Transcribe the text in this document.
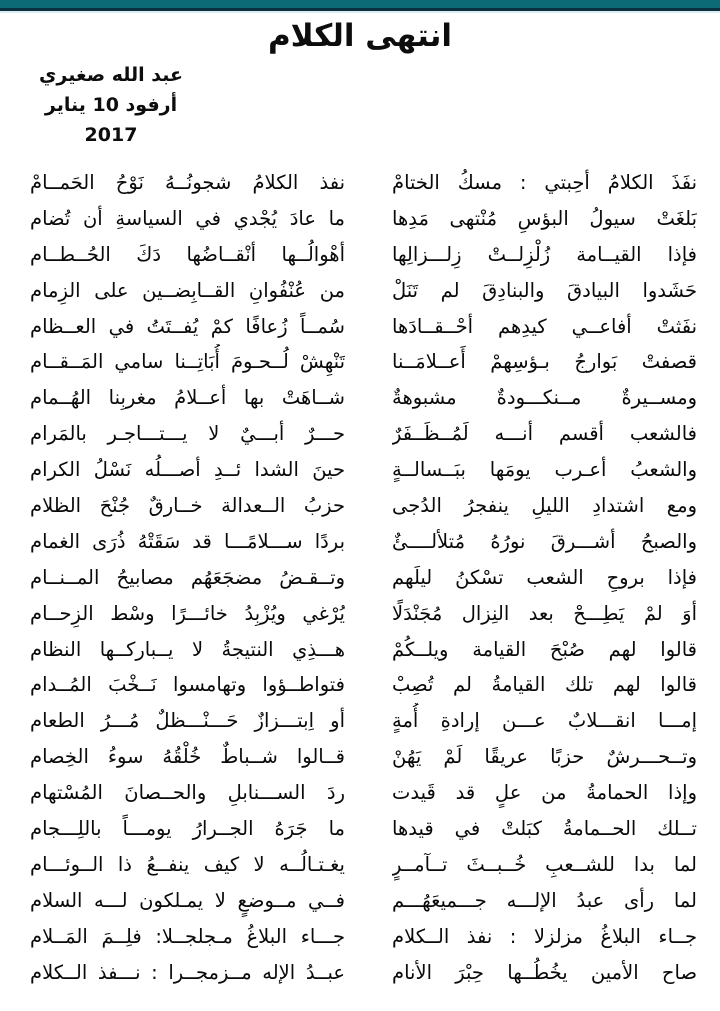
انتهى الكلام
عبد الله صغيري
أرفود 10 يناير 2017
نفَذَ الكلامُ أحِبتي : مسكُ الختامْ
نفذ الكلامُ شجونُــهُ نَوْحُ الحَمــامْ
بَلغَتْ سيولُ البؤسِ مُنْتهى مَدِها
ما عادَ يُجْدي في السياسةِ أن تُضام
فإذا القيــامة زُلْزِلــتْ زِلـــزالِها
أهْوالُــها أنْقــاضُها دَكَ الحُــطــام
حَشَدوا البيادقَ والبنادِقَ لم تَنَلْ
من عُنْفُوانِ القــابِضــين على الزِمام
نفَثتْ أفاعــي كيدِهم أحْــقــادَها
سُمــاً زُعافًا كمْ يُفــتَتُ في العــظام
قصفتْ بَوارجُ بـؤسِهمْ أَعــلامَــنا
تَنْهِشْ لُــحـومَ أُبَاتِــنا سامي المَــقــام
ومســيرةٌ مــنكـــودةٌ مشبوهةٌ
شــاهَتْ بها أعــلامُ مغربِنا الهُــمام
فالشعب أقسم أنـــه لَمُــظَــفَرٌ
حـــرٌ أبـــيٌ لا يـــتـــاجـر بالمَرام
والشعبُ أعـرب يومَها ببَــسالــةٍ
حينَ الشدا ئــدِ أصـــلُه نَسْلُ الكرام
ومع اشتدادِ الليلِ ينفجرُ الدُجى
حزبُ الــعدالة خــارقٌ جُنْحَ الظلام
والصبحُ أشـــرقَ نورُهُ مُتلألــــئٌ
بردًا ســـلامًـــا قد سَقَتْهُ ذُرَى الغمام
فإذا بروحِ الشعب تسْكنُ ليلَهم
وتــقـضُ مضجَعَهُم مصابيحُ المــنــام
أوَ لمْ يَطِـــحْ بعد النِزال مُجَنْدَلًا
يُرْغي ويُزْبِدُ خائـــرًا وسْط الزِحــام
قالوا لهم صُبْحَ القيامة ويلــكُمْ
هـــذِي النتيجةُ لا يــباركــها النظام
قالوا لهم تلك القيامةُ لم تُصِبْ
فتواطــؤوا وتهامسوا نَــخْبَ المُــدام
إمـــا انقـــلابٌ عـــن إرادةِ أُمةٍ
أو اِبتـــزازٌ حَـــنْـــظلٌ مُـــرُ الطعام
وتــحـــرشٌ حزبًا عريقًا لَمْ يَهُنْ
قــالوا شــباطٌ خُلْقُهُ سوءُ الخِصام
وإذا الحمامةُ من علٍ قد قَيدت
ردَ الســـنابلِ والحــصانَ المُسْتهام
تــلك الحــمامةُ كبَلتْ في قيدها
ما جَرَهُ الجــرارُ يومـــاً باللِـــجام
لما بدا للشــعبِ خُــبــثَ تــآمــرٍ
يغـتـالُــه لا كيف ينفــعُ ذا الــوئـــام
لما رأى عبدُ الإلـــه جـــميعَهُـــم
فــي مــوضعٍ لا يمـلكون لـــه السلام
جــاء البلاغُ مزلزلا : نفذ الــكلام
جـــاء البلاغُ مـجلجــلا: فلِــمَ المَــلام
صاح الأمين يخُطُــها حِبْرَ الأنام
عبــدُ الإله مــزمجــرا : نـــفذ الــكلام
